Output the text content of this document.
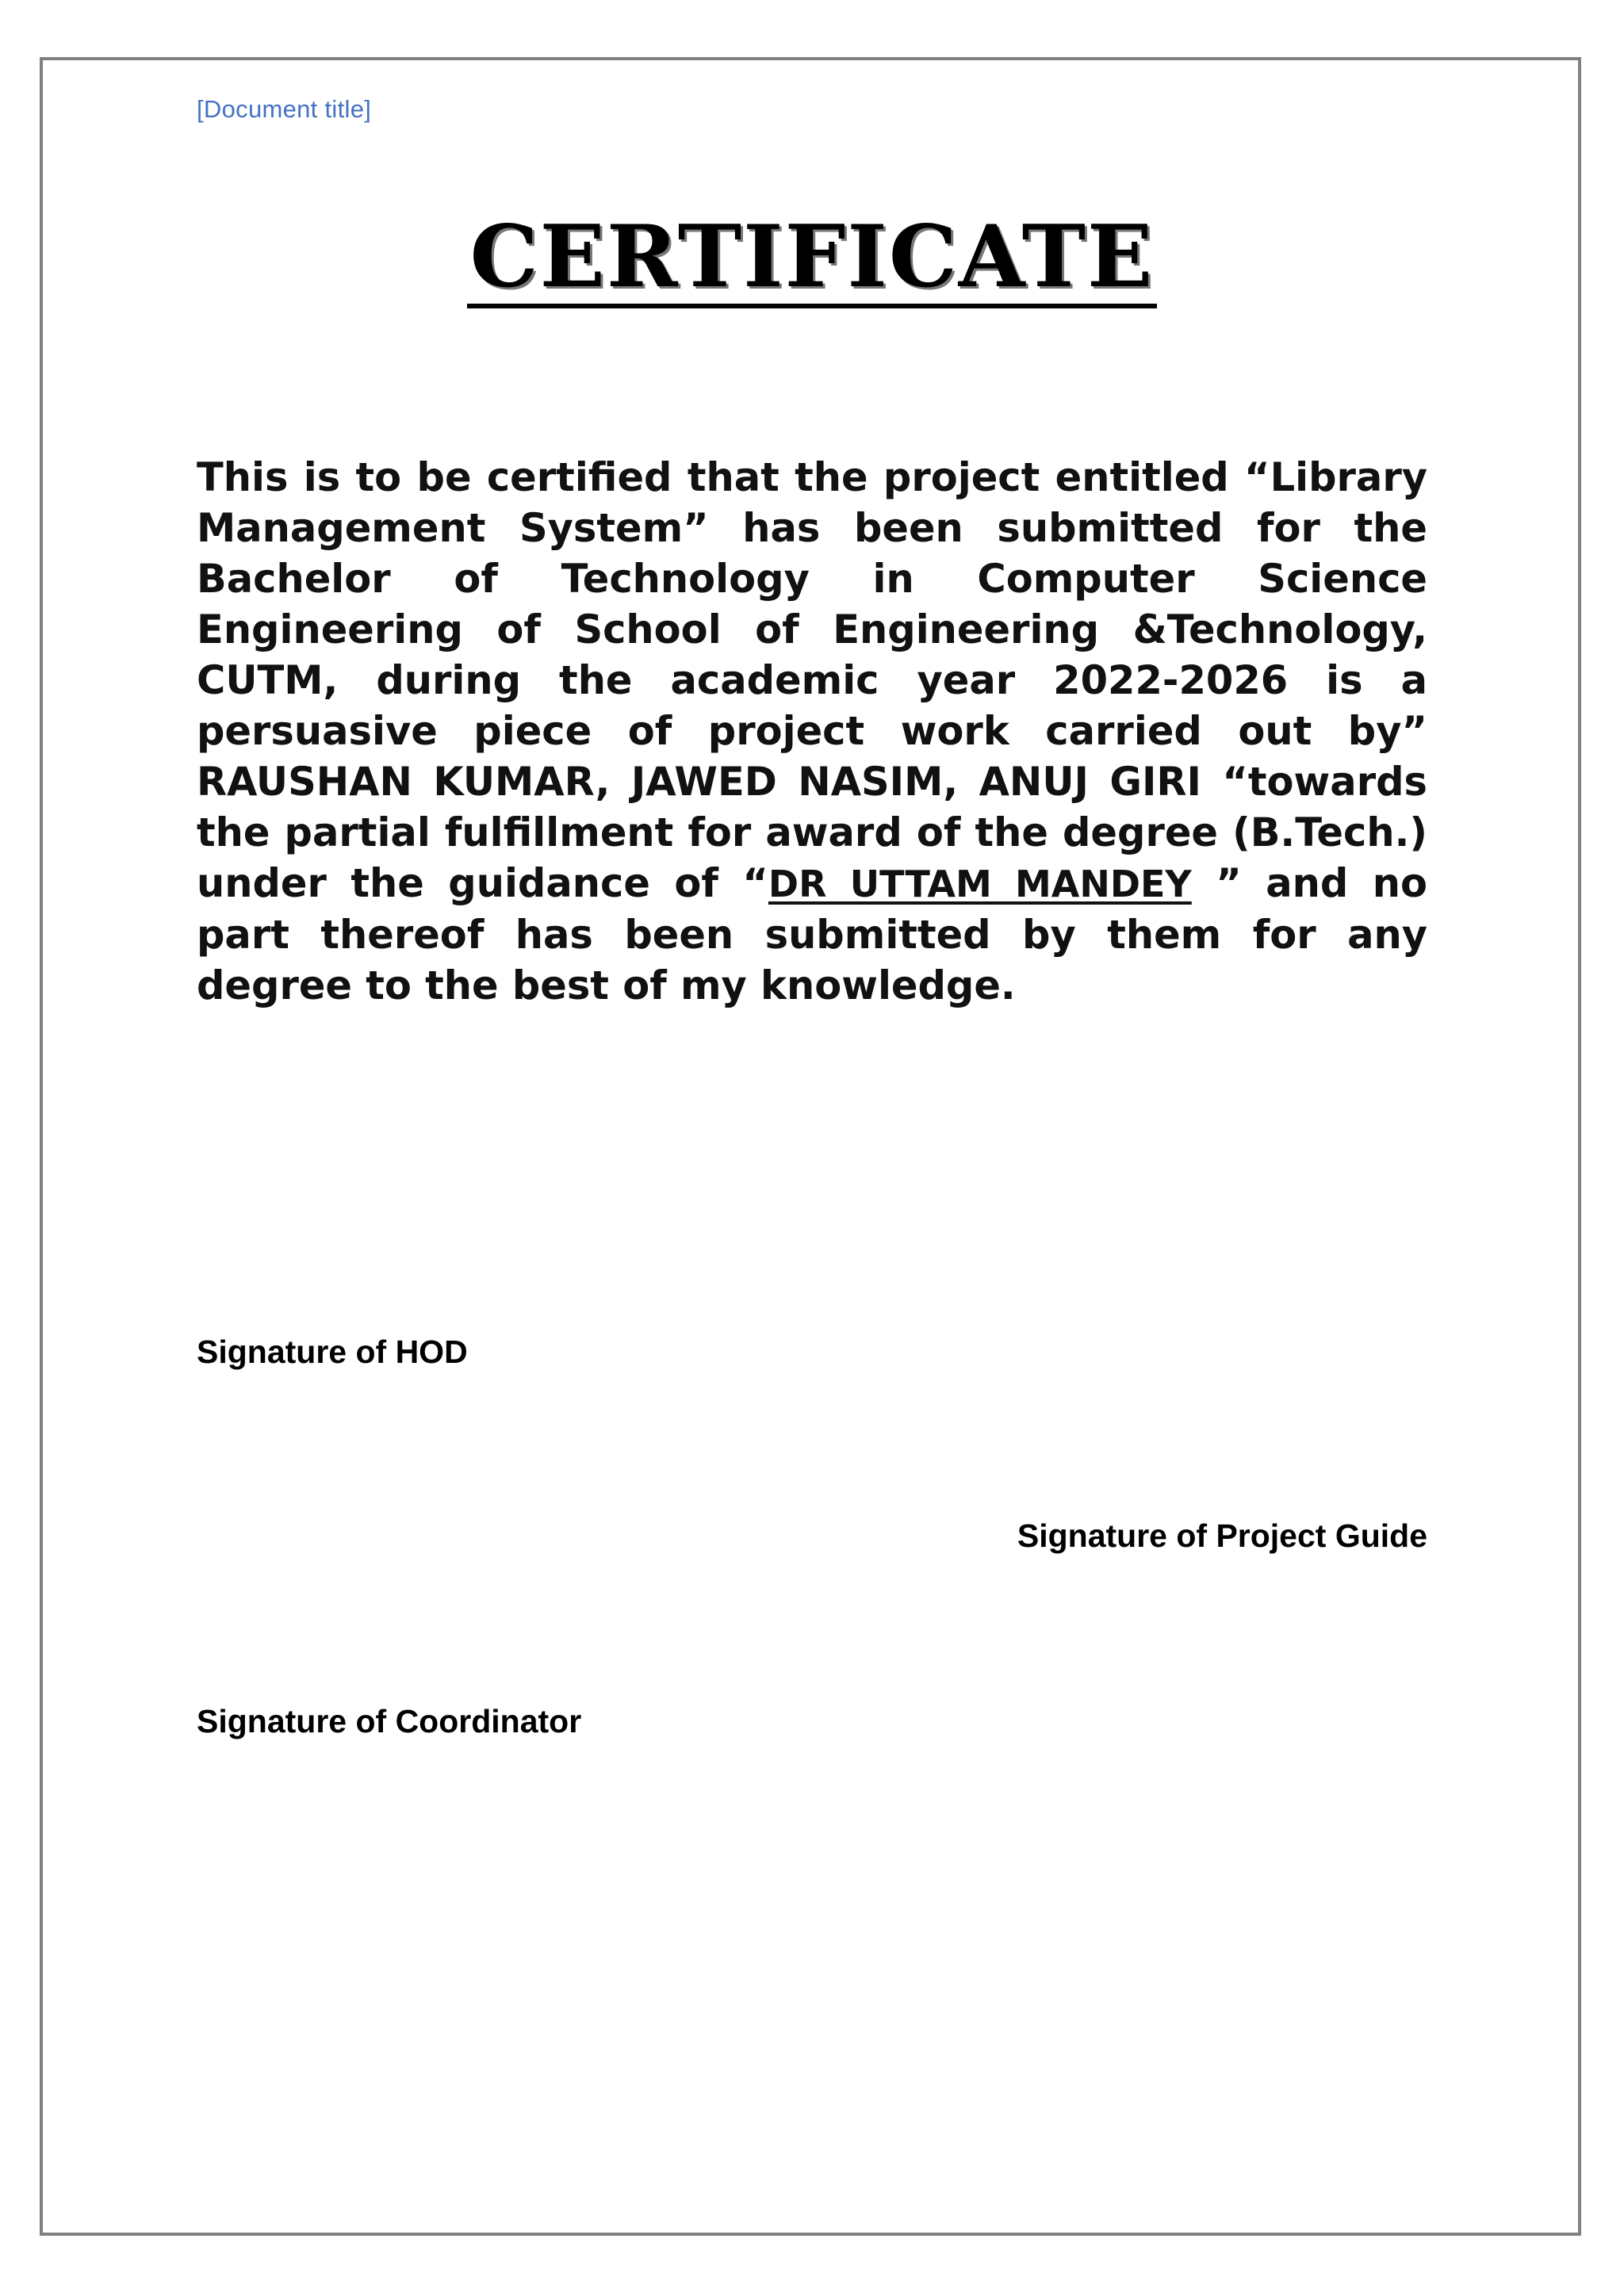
[Document title]
CERTIFICATE
This is to be certified that the project entitled “Library Management System” has been submitted for the Bachelor of Technology in Computer Science Engineering of School of Engineering &Technology, CUTM, during the academic year 2022-2026 is a persuasive piece of project work carried out by” RAUSHAN KUMAR, JAWED NASIM, ANUJ GIRI “towards the partial fulfillment for award of the degree (B.Tech.) under the guidance of “DR UTTAM MANDEY ” and no part thereof has been submitted by them for any degree to the best of my knowledge.
Signature of HOD
Signature of Project Guide
Signature of Coordinator
